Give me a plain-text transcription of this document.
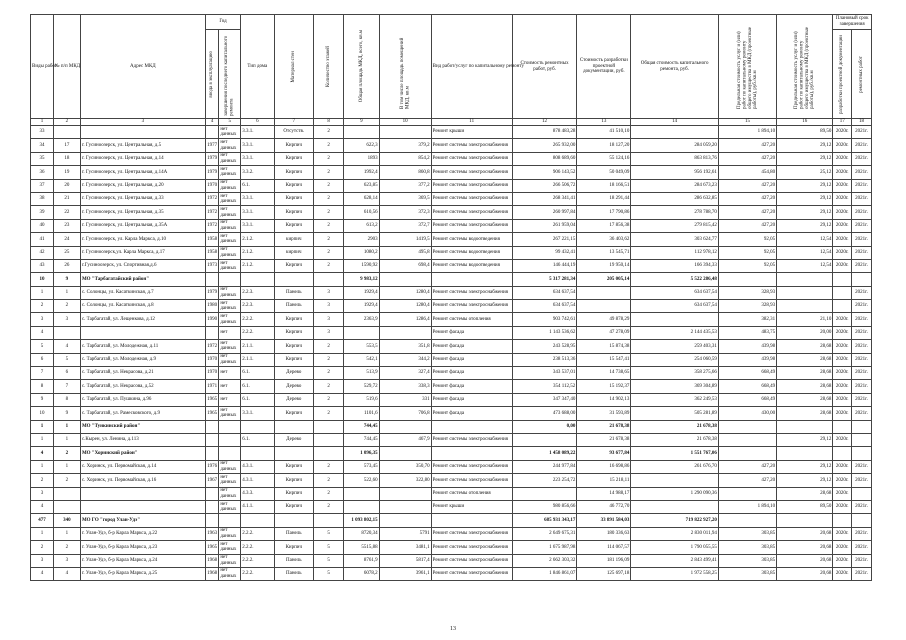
Виды работ	№ п/п МКД	Адрес МКД	Год		Тип дома	Материал стен	Количество этажей	Общая площадь МКД, всего, кв.м	В том числе площадь помещений МКД, кв.м	Вид работ/услуг по капитальному ремонту	Стоимость ремонтных работ, руб.	Стоимость разработки проектной документации, руб.	Общая стоимость капитального ремонта, руб.	Предельная стоимость услуг и (или) работ по капитальному ремонту общего имущества в МКД (проектные работы), руб./кв.м	Предельная стоимость услуг и (или) работ по капитальному ремонту общего имущества в МКД (проектные работы), руб./кв.м	Плановый срок завершения	

			ввода в эксплуатацию	завершения последнего капитального ремонта												разработки проектной документации	ремонтных работ

1	2	3	4	5	6	7	8	9	10	11	12	13	14	15	16	17	18
33				нет данных	3.3.1.	Отсутств.	2			Ремонт крыши	878 483,28	41 510,10		1 894,10	89,50	2020г.	2021г.
34	17	г. Гусиноозерск, ул. Центральная, д.5	1977	нет данных	3.3.1.	Кирпич	2	622,3	379,2	Ремонт системы электроснабжения	265 932,00	18 127,20	284 059,20	427,20	29,12	2020г.	2021г.
35	18	г. Гусиноозерск, ул. Центральная, д.14	1979	нет данных	3.3.1.	Кирпич	2	1893	854,2	Ремонт системы электроснабжения	808 689,60	55 124,16	863 813,76	427,20	29,12	2020г.	2021г.
36	19	г. Гусиноозерск, ул. Центральная, д.14А	1979	нет данных	3.3.2.	Кирпич	2	1992,4	860,8	Ремонт системы электроснабжения	906 143,52	50 049,09	956 192,61	454,80	25,12	2020г.	2021г.
37	20	г. Гусиноозерск, ул. Центральная, д.20	1970	нет данных	6.1.	Кирпич	2	623,85	377,2	Ремонт системы электроснабжения	266 506,72	18 166,51	284 673,23	427,20	29,12	2020г.	2021г.
38	21	г. Гусиноозерск, ул. Центральная, д.33	1972	нет данных	3.3.1.	Кирпич	2	628,14	369,5	Ремонт системы электроснабжения	268 341,41	18 291,44	286 632,85	427,20	29,12	2020г.	2021г.
39	22	г. Гусиноозерск, ул. Центральная, д.35	1972	нет данных	3.3.1.	Кирпич	2	610,56	372,3	Ремонт системы электроснабжения	260 997,84	17 790,86	278 788,70	427,20	29,12	2020г.	2021г.
40	23	г. Гусиноозерск, ул. Центральная, д.35А	1972	нет данных	3.3.1.	Кирпич	2	613,2	372,7	Ремонт системы электроснабжения	261 959,04	17 856,38	279 815,42	427,20	29,12	2020г.	2021г.
41	24	г. Гусиноозерск, ул. Карла Маркса, д.10	1958	нет данных	2.1.2.	кирпич	2	2903	1419,5	Ремонт системы водоотведения	267 221,15	36 403,62	303 624,77	92,05	12,54	2020г.	2021г.
42	25	г. Гусиноозерск,ул. Карла Маркса, д.17	1958	нет данных	2.1.2.	кирпич	2	1080,2	495,8	Ремонт системы водоотведения	99 432,41	13 545,71	112 978,12	92,05	12,54	2020г.	2021г.
43	26	г.Гусиноозерск, ул. Спортивная,д.6	1973	нет данных	2.1.2.	Кирпич	2	1590,92	698,4	Ремонт системы водоотведения	146 444,19	19 950,14	166 394,33	92,05	12,54	2020г.	2021г.
10	9	МО "Тарбагатайский район"						9 983,12			5 317 281,34	205 005,14	5 522 286,48				
1	1	с. Солонцы, ул. Касаткинская, д.7	1979	нет данных	2.2.3.	Панель	3	1929,4	1280,4	Ремонт системы электроснабжения	634 637,54		634 637,54	328,93			2021г.
2	2	с. Солонцы, ул. Касаткинская, д.8	1980	нет данных	2.2.3.	Панель	3	1929,4	1280,4	Ремонт системы электроснабжения	634 637,54		634 637,54	328,93			2021г.
3	3	с. Тарбагатай, ул. Лещенкова, д.12	1990	нет данных	2.2.2.	Кирпич	3	2363,9	1286,4	Ремонт системы отопления	903 742,61	49 878,29		382,31	21,10	2020г.	2021г.
4				нет	2.2.2.	Кирпич	3			Ремонт фасада	1 143 536,62	47 278,09	2 144 435,53	483,75	20,00	2020г.	2021г.
5	4	с. Тарбагатай, ул. Молодежная, д.11	1972	нет данных	2.1.1.	Кирпич	2	553,5	351,8	Ремонт фасада	243 528,95	15 874,38	259 403,31	439,98	28,68	2020г.	2021г.
6	5	с. Тарбагатай, ул. Молодежная, д.9	1970	нет данных	2.1.1.	Кирпич	2	542,1	344,2	Ремонт фасада	238 513,36	15 547,41	254 060,59	439,98	28,68	2020г.	2021г.
7	6	с. Тарбагатай, ул. Некрасова, д.21	1970	нет	6.1.	Дерево	2	513,9	327,4	Ремонт фасада	343 537,01	14 738,65	358 275,66	668,49	28,68	2020г.	2021г.
8	7	с. Тарбагатай, ул. Некрасова, д.52	1971	нет	6.1.	Дерево	2	529,72	338,3	Ремонт фасада	354 112,52	15 192,37	369 304,89	668,49	28,68	2020г.	2021г.
9	8	с. Тарбагатай, ул. Пушкина, д.96	1965	нет	6.1.	Дерево	2	519,6	331	Ремонт фасада	347 347,40	14 902,13	362 249,53	668,49	28,68	2020г.	2021г.
10	9	с. Тарбагатай, ул. Рамесковского, д.9	1965	нет данных	3.3.1.	Кирпич	2	1101,6	706,8	Ремонт фасада	473 688,00	31 593,89	505 281,89	430,00	28,68	2020г.	2021г.
1	1	МО "Тункинский район"						744,45			0,00	21 678,38	21 678,38				
1	1	с.Кырен, ул. Ленина, д.113			6.1.	Дерево		744,45	467,9	Ремонт системы электроснабжения		21 678,38	21 678,38		29,12	2020г.	
4	2	МО "Хоринский район"						1 096,35			1 458 089,22	93 677,84	1 551 767,06				
1	1	с. Хоринск, ул. Первомайская, д.14	1976	нет данных	4.3.1.	Кирпич	2	573,45	350,70	Ремонт системы электроснабжения	244 977,84	16 698,86	261 676,70	427,20	29,12	2020г.	2021г.
2	2	с. Хоринск, ул. Первомайская, д.16	1967	нет данных	4.3.1.	Кирпич	2	522,60	322,80	Ремонт системы электроснабжения	223 254,72	15 218,11		427,20	29,12	2020г.	2021г.
3				нет данных	4.3.3.	Кирпич	2			Ремонт системы отопления		14 988,17	1 290 090,36		28,68	2020г.	
4				нет данных	4.1.1.	Кирпич	2			Ремонт крыши	980 856,66	46 772,70		1 894,10	89,50	2020г.	2021г.
477	340	МО ГО "город Улан-Удэ"						1 093 802,15			685 931 343,17	33 891 584,03	719 822 927,20				
1	1	г. Улан-Удэ, б-р Карла Маркса, д.22	1963	нет данных	2.2.2.	Панель	5	8720,34	5791	Ремонт системы электроснабжения	2 649 675,31	180 336,63	2 830 011,94	303,85	20,68	2020г.	2021г.
2	2	г. Улан-Удэ, б-р Карла Маркса, д.23	1965	нет данных	2.2.2.	Кирпич	5	5515,88	3481,1	Ремонт системы электроснабжения	1 675 987,98	114 067,57	1 790 055,55	303,85	20,68	2020г.	2021г.
3	3	г. Улан-Удэ, б-р Карла Маркса, д.24	1968	нет данных	2.2.2.	Панель	5	8761,9	5817,4	Ремонт системы электроснабжения	2 662 303,32	181 196,09	2 843 499,41	303,85	20,68	2020г.	2021г.
4	4	г. Улан-Удэ, б-р Карла Маркса, д.25	1968	нет данных	2.2.2.	Панель	5	6078,2	3961,1	Ремонт системы электроснабжения	1 846 861,07	125 697,18	1 972 558,25	303,85	20,68	2020г.	2021г.
13
